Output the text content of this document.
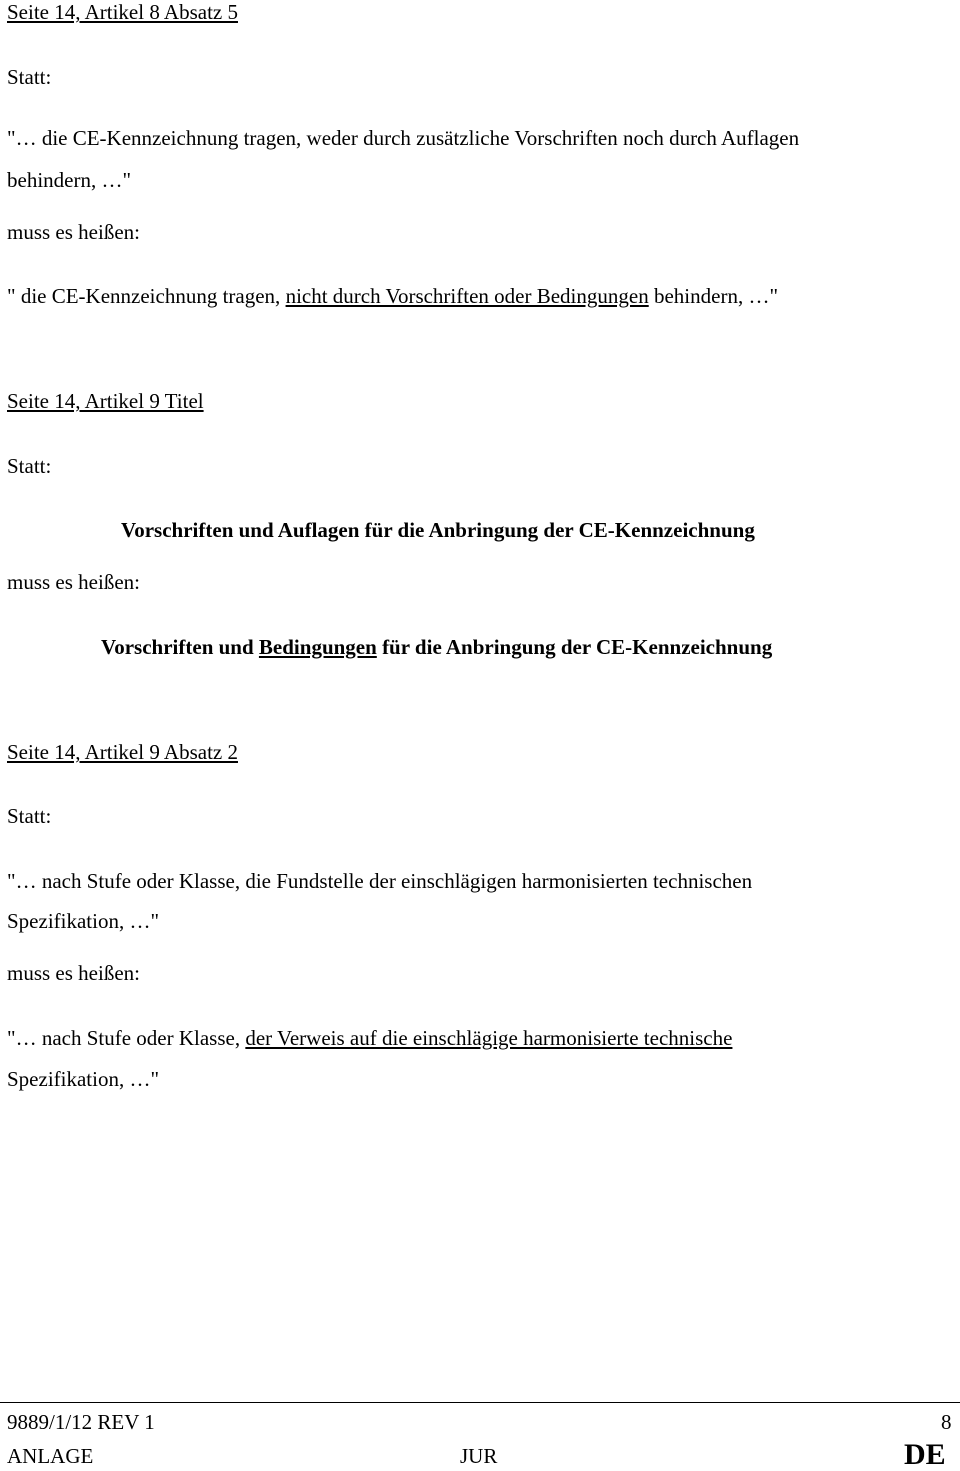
Seite 14, Artikel 8 Absatz 5
Statt:
"… die CE-Kennzeichnung tragen, weder durch zusätzliche Vorschriften noch durch Auflagen
behindern, …"
muss es heißen:
" die CE-Kennzeichnung tragen, nicht durch Vorschriften oder Bedingungen behindern, …"
Seite 14, Artikel 9 Titel
Statt:
Vorschriften und Auflagen für die Anbringung der CE-Kennzeichnung
muss es heißen:
Vorschriften und Bedingungen für die Anbringung der CE-Kennzeichnung
Seite 14, Artikel 9 Absatz 2
Statt:
"… nach Stufe oder Klasse, die Fundstelle der einschlägigen harmonisierten technischen
Spezifikation, …"
muss es heißen:
"… nach Stufe oder Klasse, der Verweis auf die einschlägige harmonisierte technische
Spezifikation, …"
9889/1/12 REV 1	8
ANLAGE	JUR	DE
